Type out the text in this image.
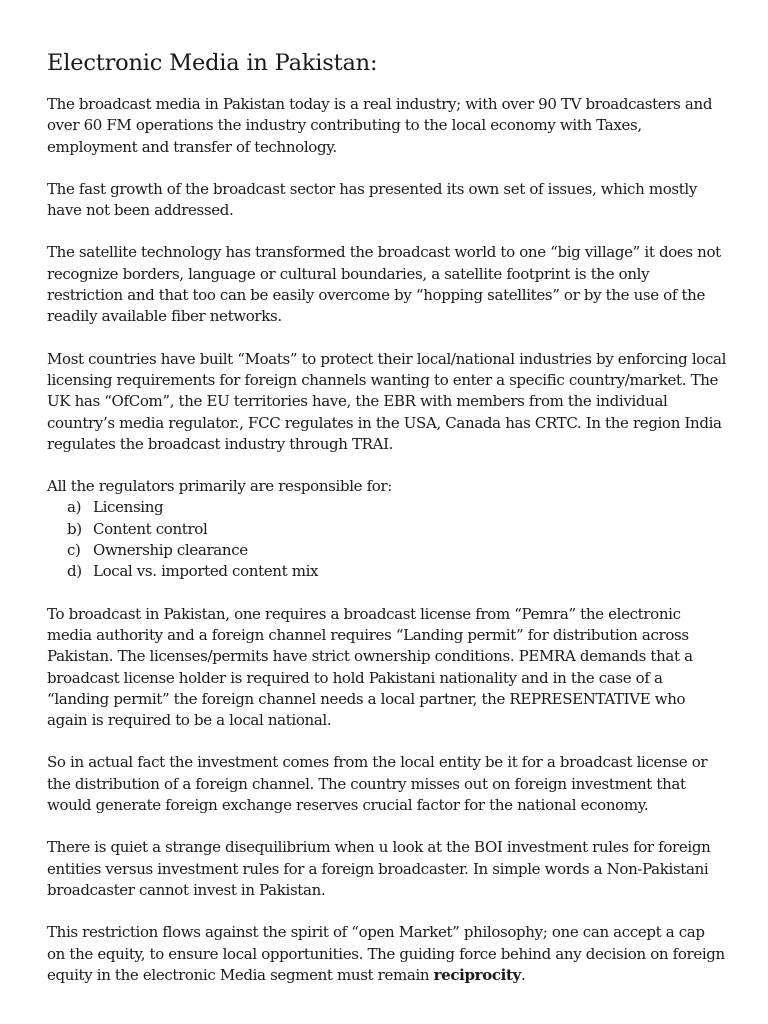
Electronic Media in Pakistan:

The broadcast media in Pakistan today is a real industry; with over 90 TV broadcasters and over 60 FM operations the industry contributing to the local economy with Taxes, employment and transfer of technology.

The fast growth of the broadcast sector has presented its own set of issues, which mostly have not been addressed.

The satellite technology has transformed the broadcast world to one “big village” it does not recognize borders, language or cultural boundaries, a satellite footprint is the only restriction and that too can be easily overcome by “hopping satellites” or by the use of the readily available fiber networks.

Most countries have built “Moats” to protect their local/national industries by enforcing local licensing requirements for foreign channels wanting to enter a specific country/market. The UK has “OfCom”, the EU territories have, the EBR with members from the individual country’s media regulator., FCC regulates in the USA, Canada has CRTC. In the region India regulates the broadcast industry through TRAI.

All the regulators primarily are responsible for:

a) Licensing
b) Content control
c) Ownership clearance
d) Local vs. imported content mix

To broadcast in Pakistan, one requires a broadcast license from “Pemra” the electronic media authority and a foreign channel requires “Landing permit” for distribution across Pakistan. The licenses/permits have strict ownership conditions. PEMRA demands that a broadcast license holder is required to hold Pakistani nationality and in the case of a “landing permit” the foreign channel needs a local partner, the REPRESENTATIVE who again is required to be a local national.

So in actual fact the investment comes from the local entity be it for a broadcast license or the distribution of a foreign channel. The country misses out on foreign investment that would generate foreign exchange reserves crucial factor for the national economy.

There is quiet a strange disequilibrium when u look at the BOI investment rules for foreign entities versus investment rules for a foreign broadcaster. In simple words a Non-Pakistani broadcaster cannot invest in Pakistan.

This restriction flows against the spirit of “open Market” philosophy; one can accept a cap on the equity, to ensure local opportunities. The guiding force behind any decision on foreign equity in the electronic Media segment must remain reciprocity.
